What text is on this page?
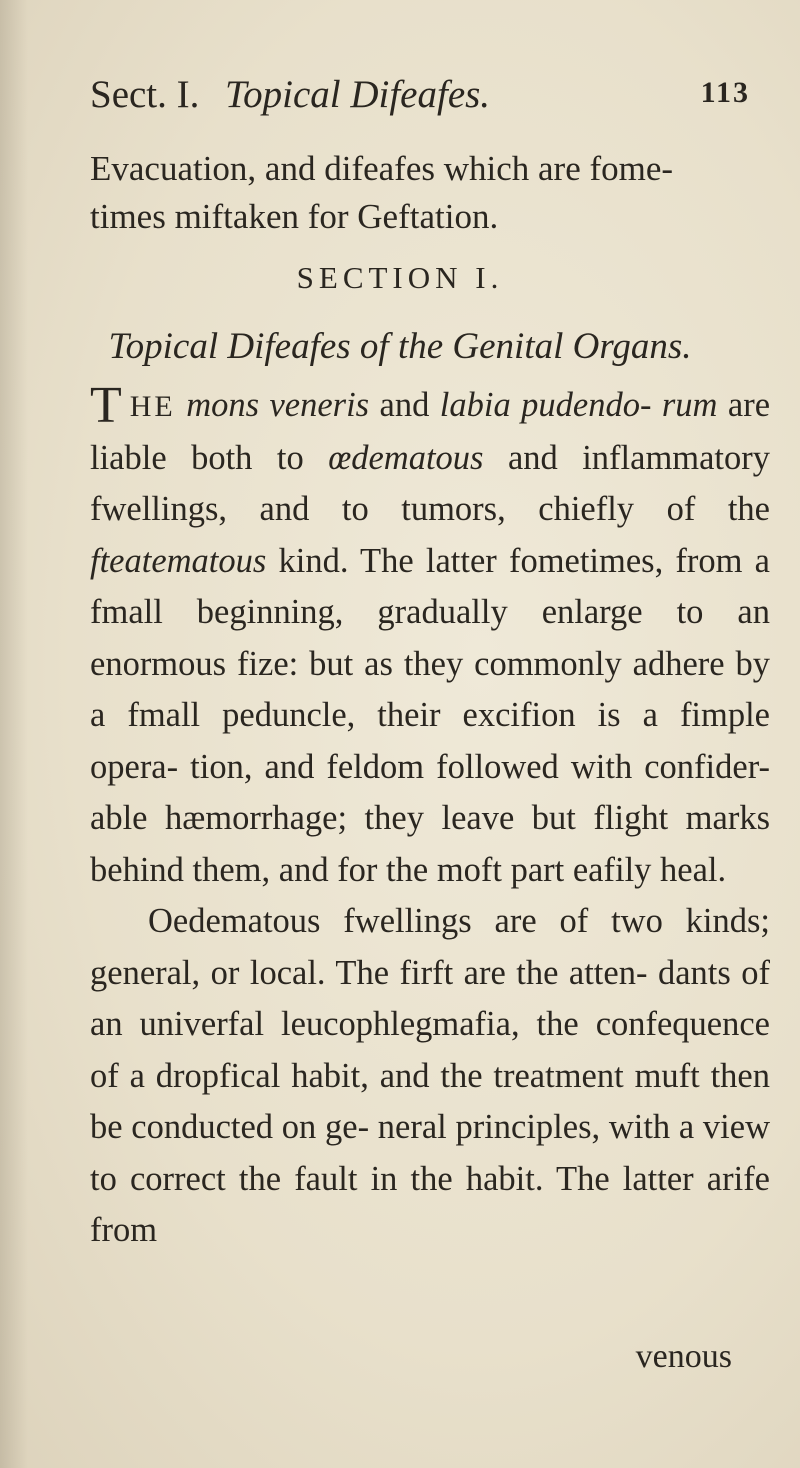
Sect. I. Topical Difeafes.	113
Evacuation, and difeafes which are fome-
times miftaken for Geftation.
SECTION I.
Topical Difeafes of the Genital Organs.

THE mons veneris and labia pudendo- rum are liable both to œdematous and inflammatory fwellings, and to tumors, chiefly of the fteatematous kind. The latter fometimes, from a fmall beginning, gradually enlarge to an enormous fize: but as they commonly adhere by a fmall peduncle, their excifion is a fimple opera- tion, and feldom followed with confider- able hæmorrhage; they leave but flight marks behind them, and for the moft part eafily heal.

Oedematous fwellings are of two kinds; general, or local. The firft are the atten- dants of an univerfal leucophlegmafia, the confequence of a dropfical habit, and the treatment muft then be conducted on ge- neral principles, with a view to correct the fault in the habit. The latter arife from

venous
